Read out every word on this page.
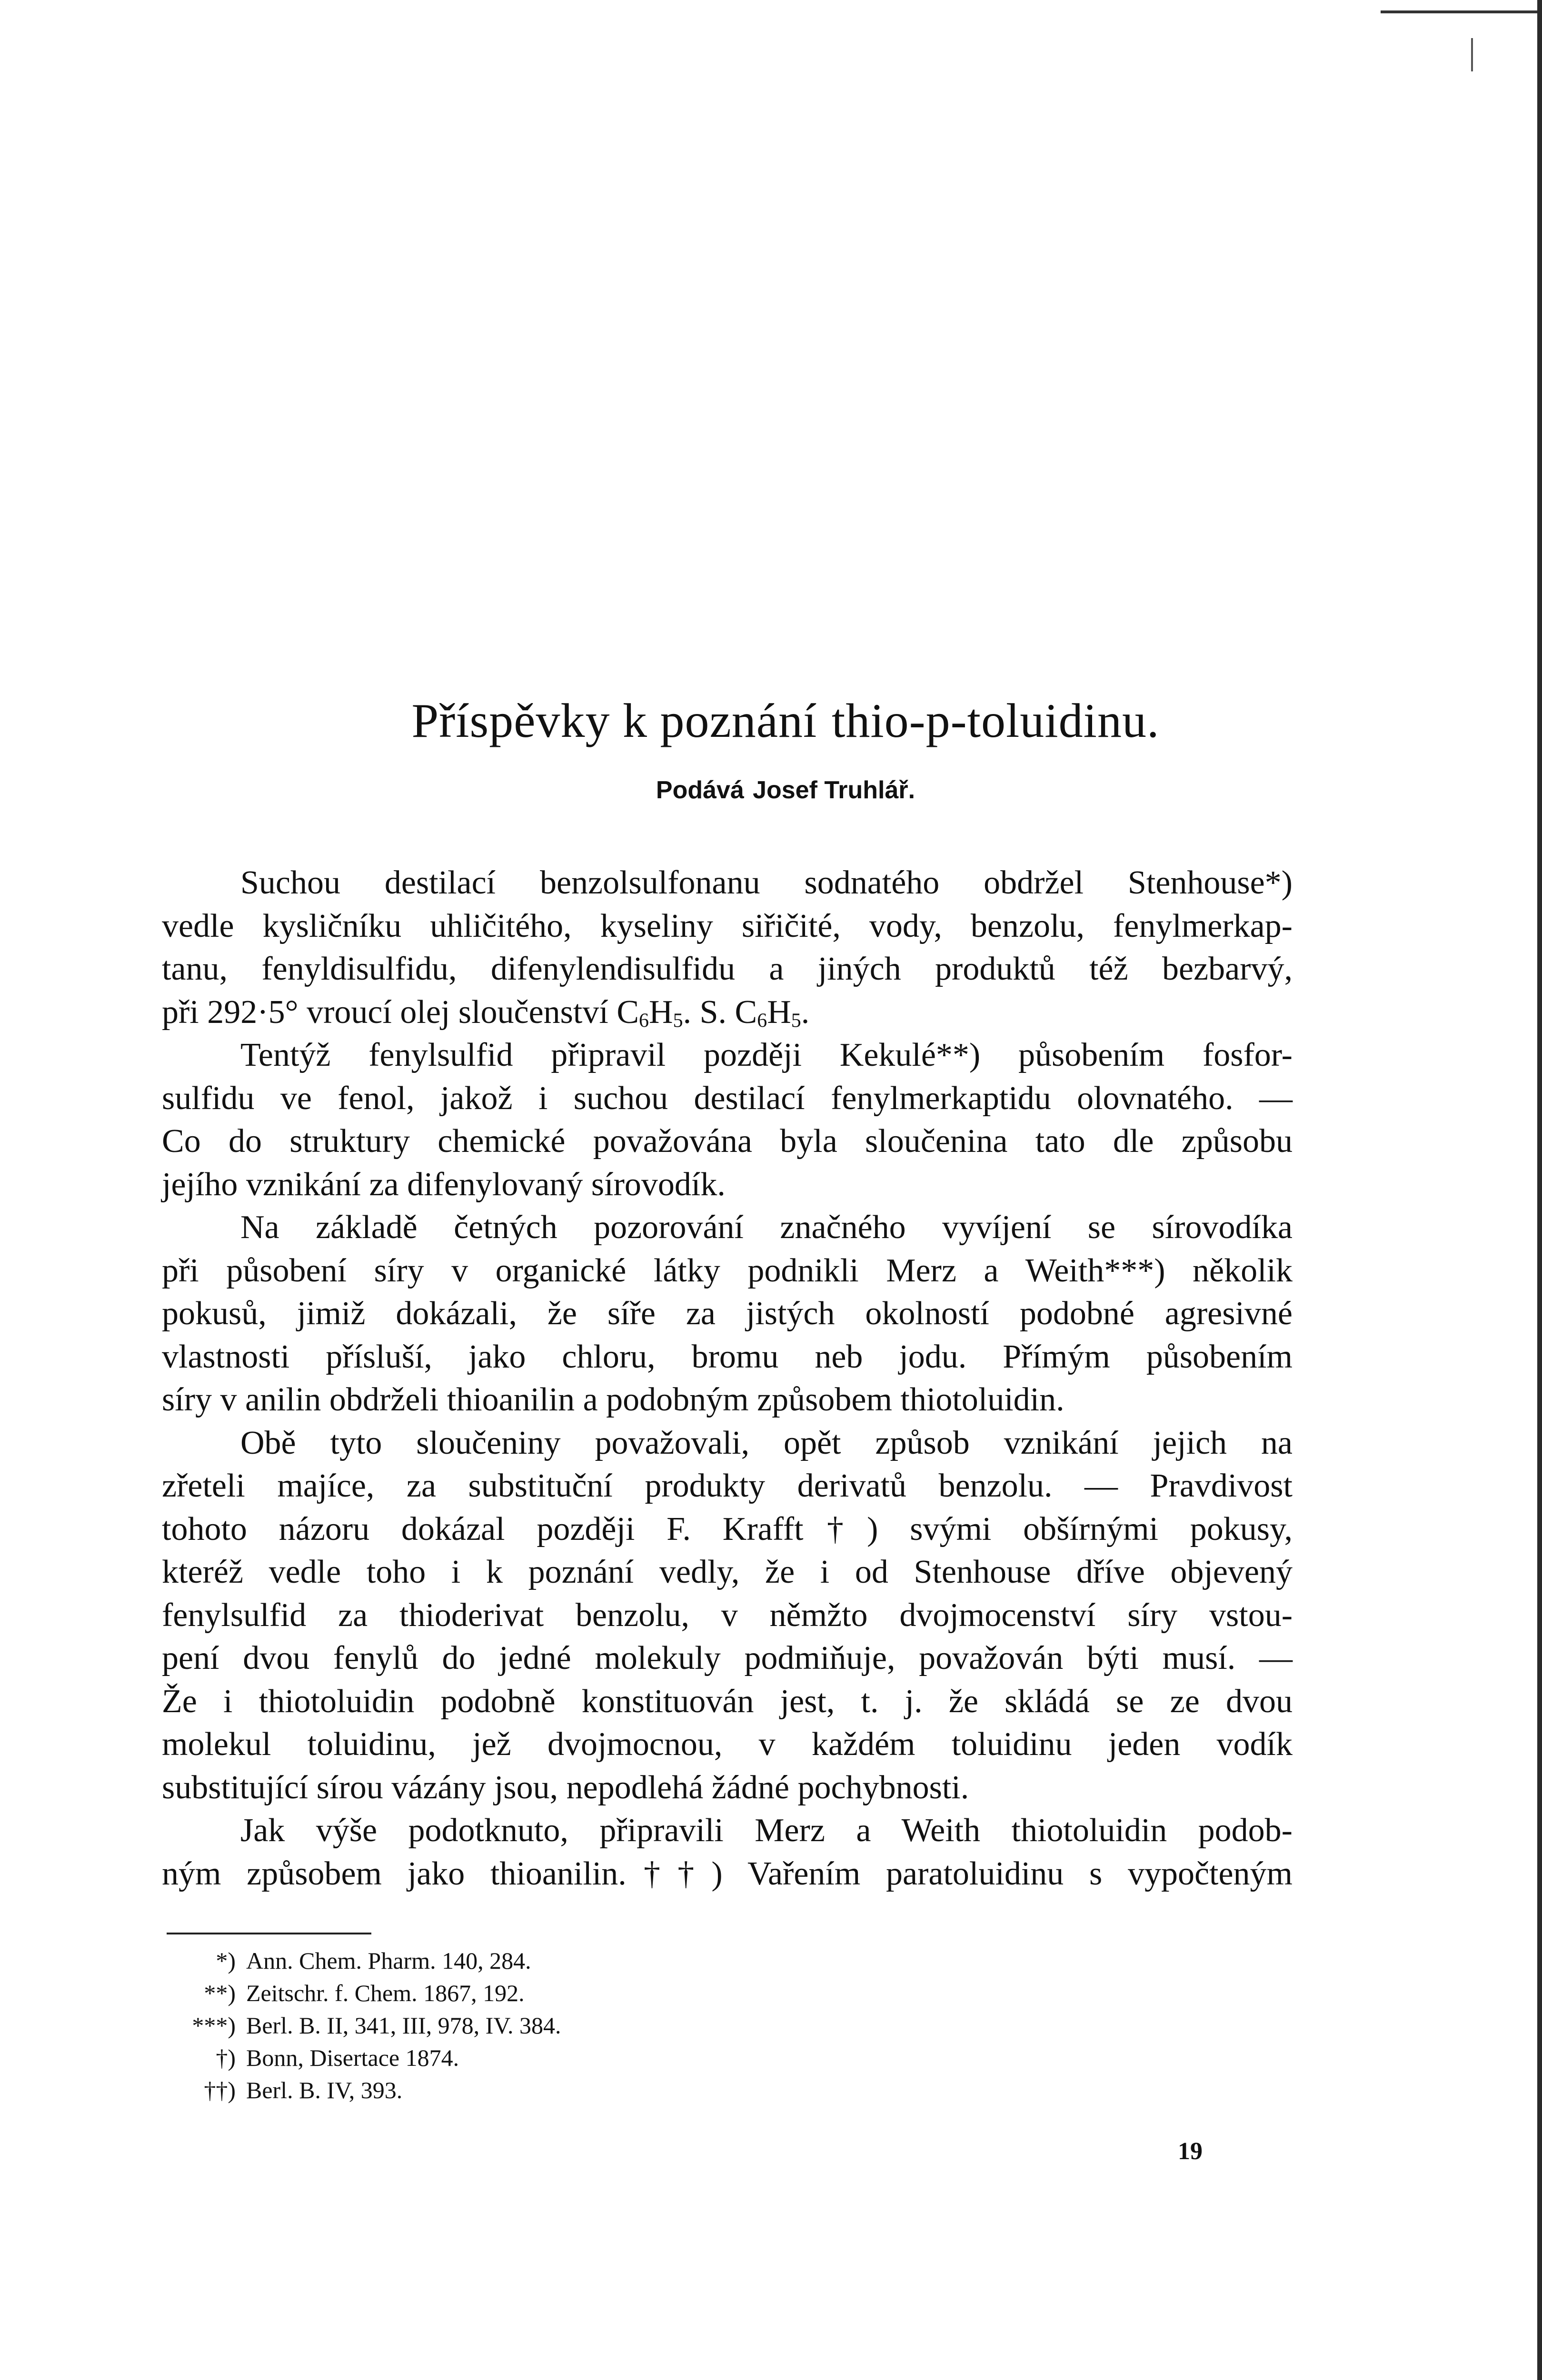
Příspěvky k poznání thio-p-toluidinu.
Podává Josef Truhlář.
Suchou destilací benzolsulfonanu sodnatého obdržel Stenhouse*)
vedle kysličníku uhličitého, kyseliny siřičité, vody, benzolu, fenylmerkap-
tanu, fenyldisulfidu, difenylendisulfidu a jiných produktů též bezbarvý,
při 292·5° vroucí olej sloučenství $C_6H_5$. S. $C_6H_5$.
Tentýž fenylsulfid připravil později Kekulé**) působením fosfor-
sulfidu ve fenol, jakož i suchou destilací fenylmerkaptidu olovnatého. —
Co do struktury chemické považována byla sloučenina tato dle způsobu
jejího vznikání za difenylovaný sírovodík.
Na základě četných pozorování značného vyvíjení se sírovodíka
při působení síry v organické látky podnikli Merz a Weith***) několik
pokusů, jimiž dokázali, že síře za jistých okolností podobné agresivné
vlastnosti přísluší, jako chloru, bromu neb jodu. Přímým působením
síry v anilin obdrželi thioanilin a podobným způsobem thiotoluidin.
Obě tyto sloučeniny považovali, opět způsob vznikání jejich na
zřeteli majíce, za substituční produkty derivatů benzolu. — Pravdivost
tohoto názoru dokázal později F. Krafft†) svými obšírnými pokusy,
kteréž vedle toho i k poznání vedly, že i od Stenhouse dříve objevený
fenylsulfid za thioderivat benzolu, v němžto dvojmocenství síry vstou-
pení dvou fenylů do jedné molekuly podmiňuje, považován býti musí. —
Že i thiotoluidin podobně konstituován jest, t. j. že skládá se ze dvou
molekul toluidinu, jež dvojmocnou, v každém toluidinu jeden vodík
substitující sírou vázány jsou, nepodlehá žádné pochybnosti.
Jak výše podotknuto, připravili Merz a Weith thiotoluidin podob-
ným způsobem jako thioanilin.††) Vařením paratoluidinu s vypočteným
*) Ann. Chem. Pharm. 140, 284.
**) Zeitschr. f. Chem. 1867, 192.
***) Berl. B. II, 341, III, 978, IV. 384.
†) Bonn, Disertace 1874.
††) Berl. B. IV, 393.
19
